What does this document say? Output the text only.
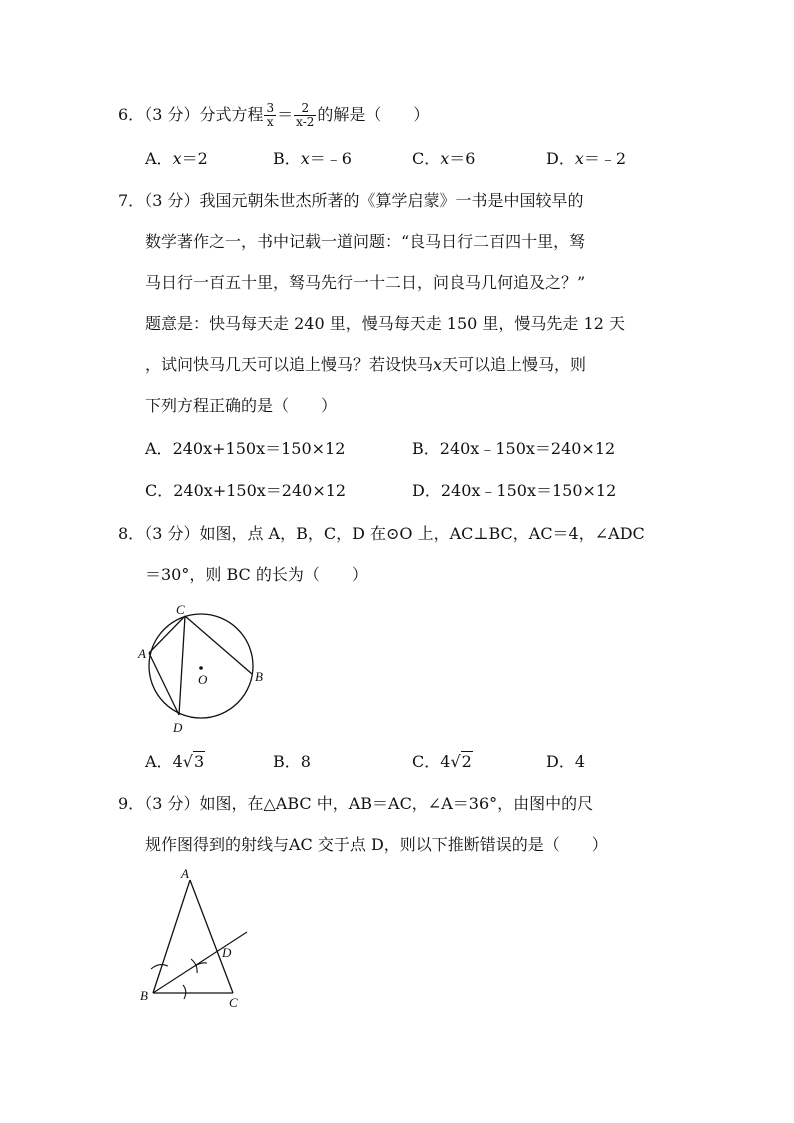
6．（3 分）分式方程 $\frac{3}{x} = \frac{2}{x-2}$ 的解是（　　）
A．x＝2	B．x＝﹣6	C．x＝6	D．x＝﹣2
7．（3 分）我国元朝朱世杰所著的《算学启蒙》一书是中国较早的
数学著作之一，书中记载一道问题：“良马日行二百四十里，驽
马日行一百五十里，驽马先行一十二日，问良马几何追及之？”
题意是：快马每天走 240 里，慢马每天走 150 里，慢马先走 12 天
，试问快马几天可以追上慢马？若设快马x天可以追上慢马，则
下列方程正确的是（　　）
A．240x+150x＝150×12	B．240x﹣150x＝240×12
C．240x+150x＝240×12	D．240x﹣150x＝150×12
8．（3 分）如图，点 A，B，C，D 在⊙O 上，AC⊥BC，AC＝4，∠ADC
＝30°，则 BC 的长为（　　）
C
A
O	B
D
A．4√3	B．8	C．4√2	D．4
9．（3 分）如图，在△ABC 中，AB＝AC，∠A＝36°，由图中的尺
规作图得到的射线与AC 交于点 D，则以下推断错误的是（　　）
A
D
B	C
